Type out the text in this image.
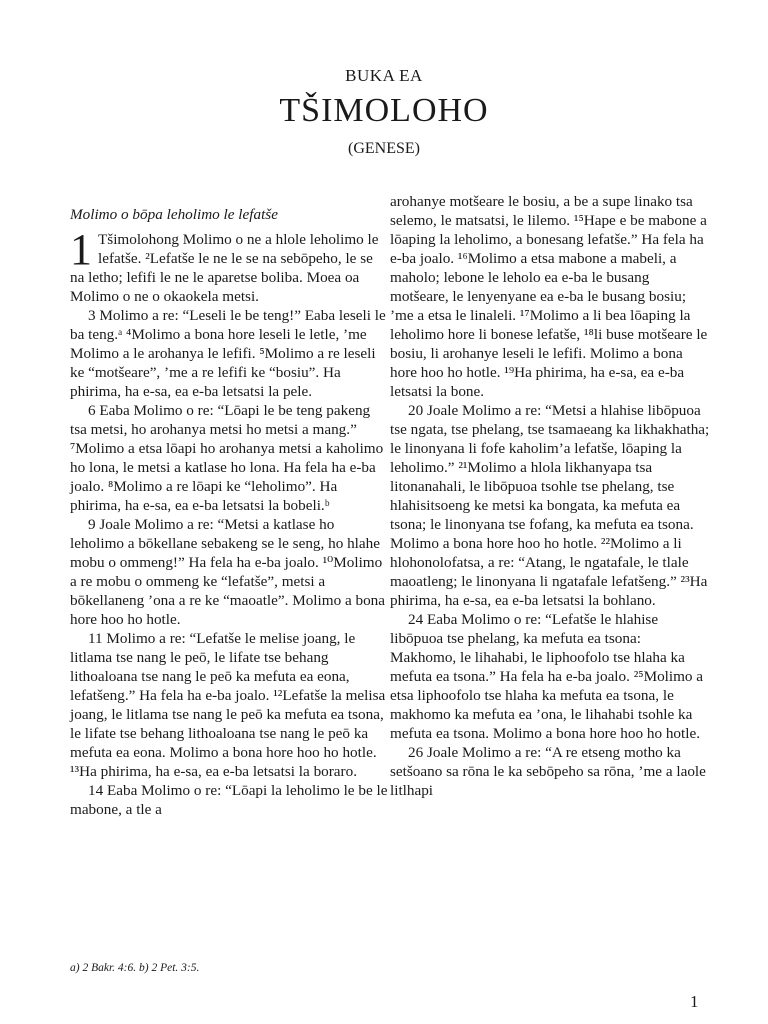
BUKA EA
TŠIMOLOHO
(GENESE)

Molimo o bōpa leholimo le lefatše

1 Tšimolohong Molimo o ne a hlole leholimo le lefatše. ²Lefatše le ne le se na sebōpeho, le se na letho; lefifi le ne le aparetse boliba. Moea oa Molimo o ne o okaokela metsi.

3 Molimo a re: “Leseli le be teng!” Eaba leseli le ba teng.ᵃ ⁴Molimo a bona hore leseli le letle, ’me Molimo a le arohanya le lefifi. ⁵Molimo a re leseli ke “motšeare”, ’me a re lefifi ke “bosiu”. Ha phirima, ha e-sa, ea e-ba letsatsi la pele.

6 Eaba Molimo o re: “Lōapi le be teng pakeng tsa metsi, ho arohanya metsi ho metsi a mang.” ⁷Molimo a etsa lōapi ho arohanya metsi a kaholimo ho lona, le metsi a katlase ho lona. Ha fela ha e-ba joalo. ⁸Molimo a re lōapi ke “leholimo”. Ha phirima, ha e-sa, ea e-ba letsatsi la bobeli.ᵇ

9 Joale Molimo a re: “Metsi a katlase ho leholimo a bōkellane sebakeng se le seng, ho hlahe mobu o ommeng!” Ha fela ha e-ba joalo. ¹⁰Molimo a re mobu o ommeng ke “lefatše”, metsi a bōkellaneng ’ona a re ke “maoatle”. Molimo a bona hore hoo ho hotle.

11 Molimo a re: “Lefatše le melise joang, le litlama tse nang le peō, le lifate tse behang lithoaloana tse nang le peō ka mefuta ea eona, lefatšeng.” Ha fela ha e-ba joalo. ¹²Lefatše la melisa joang, le litlama tse nang le peō ka mefuta ea tsona, le lifate tse behang lithoaloana tse nang le peō ka mefuta ea eona. Molimo a bona hore hoo ho hotle. ¹³Ha phirima, ha e-sa, ea e-ba letsatsi la boraro.

14 Eaba Molimo o re: “Lōapi la leholimo le be le mabone, a tle a

arohanye motšeare le bosiu, a be a supe linako tsa selemo, le matsatsi, le lilemo. ¹⁵Hape e be mabone a lōaping la leholimo, a bonesang lefatše.” Ha fela ha e-ba joalo. ¹⁶Molimo a etsa mabone a mabeli, a maholo; lebone le leholo ea e-ba le busang motšeare, le lenyenyane ea e-ba le busang bosiu; ’me a etsa le linaleli. ¹⁷Molimo a li bea lōaping la leholimo hore li bonese lefatše, ¹⁸li buse motšeare le bosiu, li arohanye leseli le lefifi. Molimo a bona hore hoo ho hotle. ¹⁹Ha phirima, ha e-sa, ea e-ba letsatsi la bone.

20 Joale Molimo a re: “Metsi a hlahise libōpuoa tse ngata, tse phelang, tse tsamaeang ka likhakhatha; le linonyana li fofe kaholim’a lefatše, lōaping la leholimo.” ²¹Molimo a hlola likhanyapa tsa litonanahali, le libōpuoa tsohle tse phelang, tse hlahisitsoeng ke metsi ka bongata, ka mefuta ea tsona; le linonyana tse fofang, ka mefuta ea tsona. Molimo a bona hore hoo ho hotle. ²²Molimo a li hlohonolofatsa, a re: “Atang, le ngatafale, le tlale maoatleng; le linonyana li ngatafale lefatšeng.” ²³Ha phirima, ha e-sa, ea e-ba letsatsi la bohlano.

24 Eaba Molimo o re: “Lefatše le hlahise libōpuoa tse phelang, ka mefuta ea tsona: Makhomo, le lihahabi, le liphoofolo tse hlaha ka mefuta ea tsona.” Ha fela ha e-ba joalo. ²⁵Molimo a etsa liphoofolo tse hlaha ka mefuta ea tsona, le makhomo ka mefuta ea ’ona, le lihahabi tsohle ka mefuta ea tsona. Molimo a bona hore hoo ho hotle.

26 Joale Molimo a re: “A re etseng motho ka setšoano sa rōna le ka sebōpeho sa rōna, ’me a laole litlhapi

a) 2 Bakr. 4:6. b) 2 Pet. 3:5.
1
